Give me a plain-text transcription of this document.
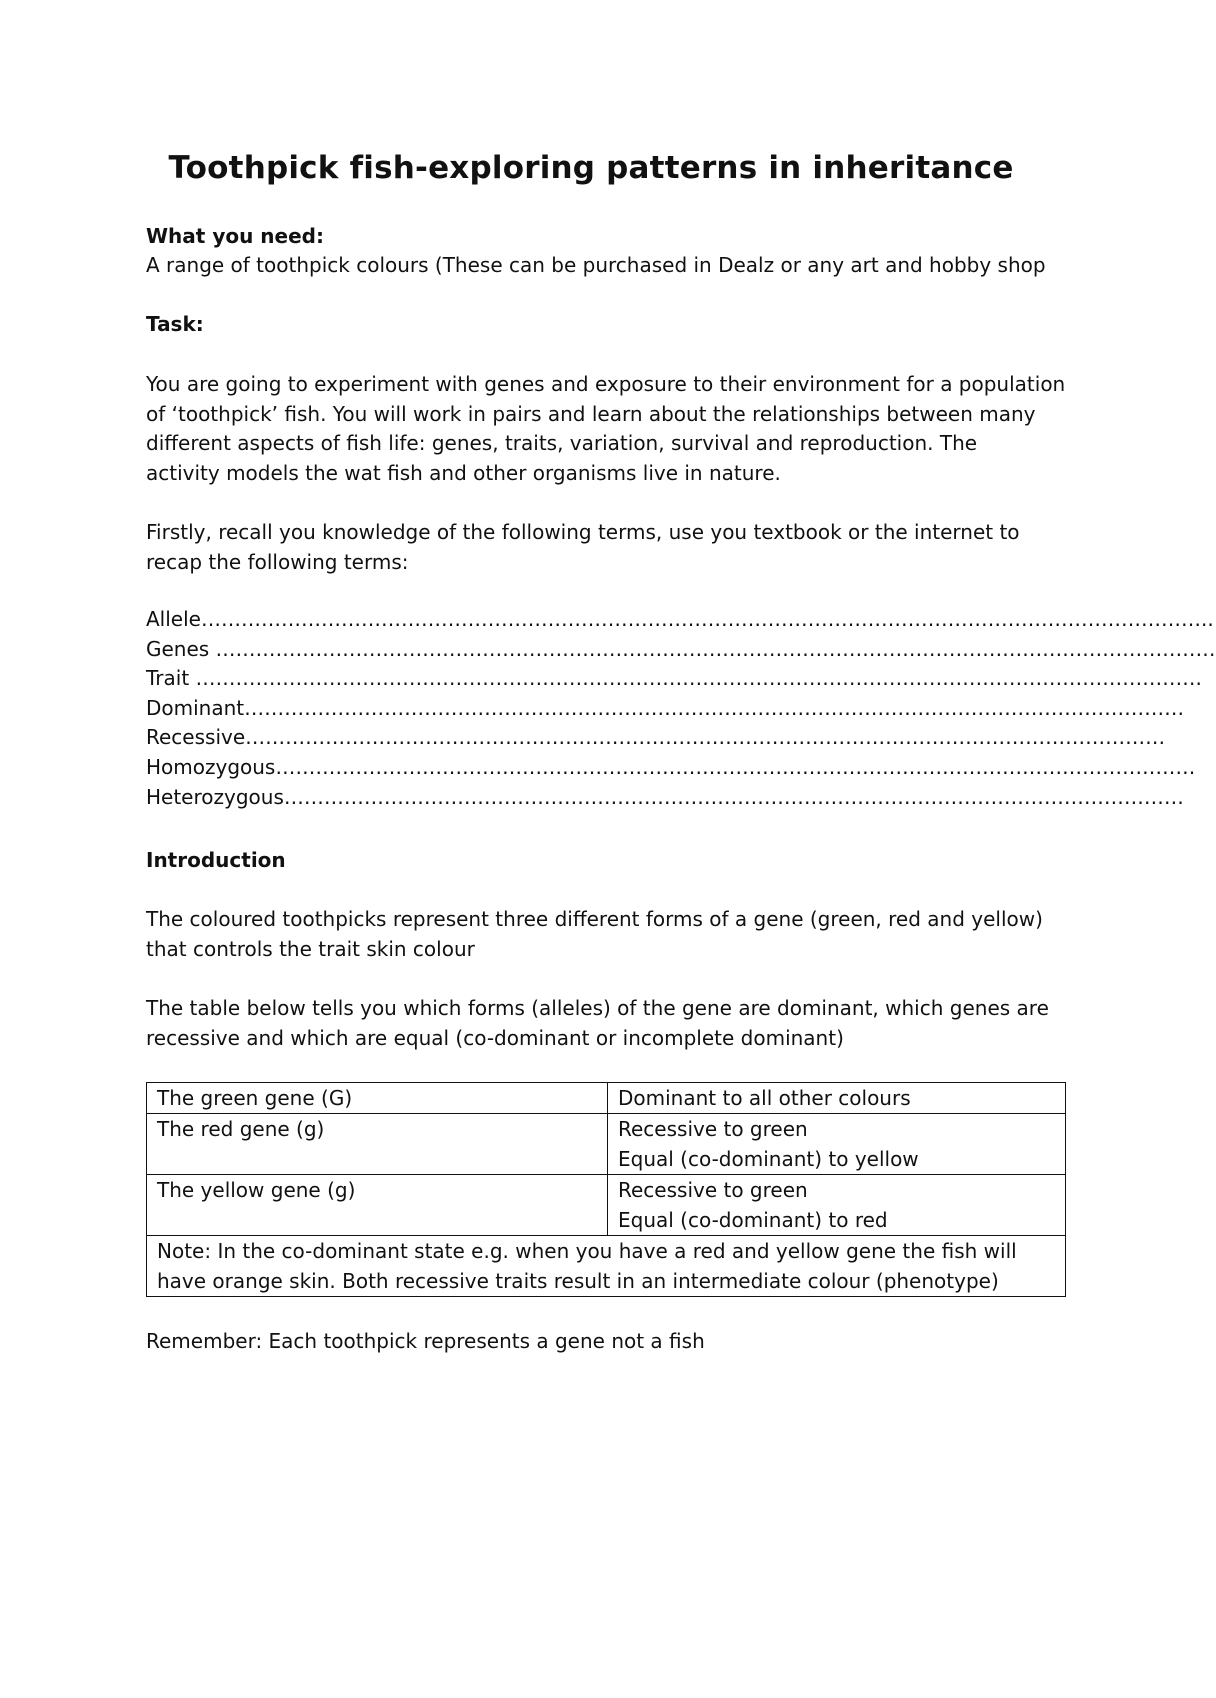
Toothpick fish-exploring patterns in inheritance
What you need:
A range of toothpick colours (These can be purchased in Dealz or any art and hobby shop
Task:
You are going to experiment with genes and exposure to their environment for a population
of ‘toothpick’ fish. You will work in pairs and learn about the relationships between many
different aspects of fish life: genes, traits, variation, survival and reproduction. The
activity models the wat fish and other organisms live in nature.
Firstly, recall you knowledge of the following terms, use you textbook or the internet to
recap the following terms:
Allele……………………………………………………………………………………………………………………………………..
Genes ……………………………………………………………………………………………………………………………………
Trait …………………………………………………………………………………………………………………………………….
Dominant……………………………………………………………………………………………………………………………
Recessive…………………………………………………………………………………………………………………………
Homozygous…………………………………………………………………………………………………………………………
Heterozygous………………………………………………………………………………………………………………………
Introduction
The coloured toothpicks represent three different forms of a gene (green, red and yellow)
that controls the trait skin colour
The table below tells you which forms (alleles) of the gene are dominant, which genes are
recessive and which are equal (co-dominant or incomplete dominant)
The green gene (G)	Dominant to all other colours

The red gene (g)	Recessive to green
Equal (co-dominant) to yellow

The yellow gene (g)	Recessive to green
Equal (co-dominant) to red

Note: In the co-dominant state e.g. when you have a red and yellow gene the fish will
have orange skin. Both recessive traits result in an intermediate colour (phenotype)	
Remember: Each toothpick represents a gene not a fish
